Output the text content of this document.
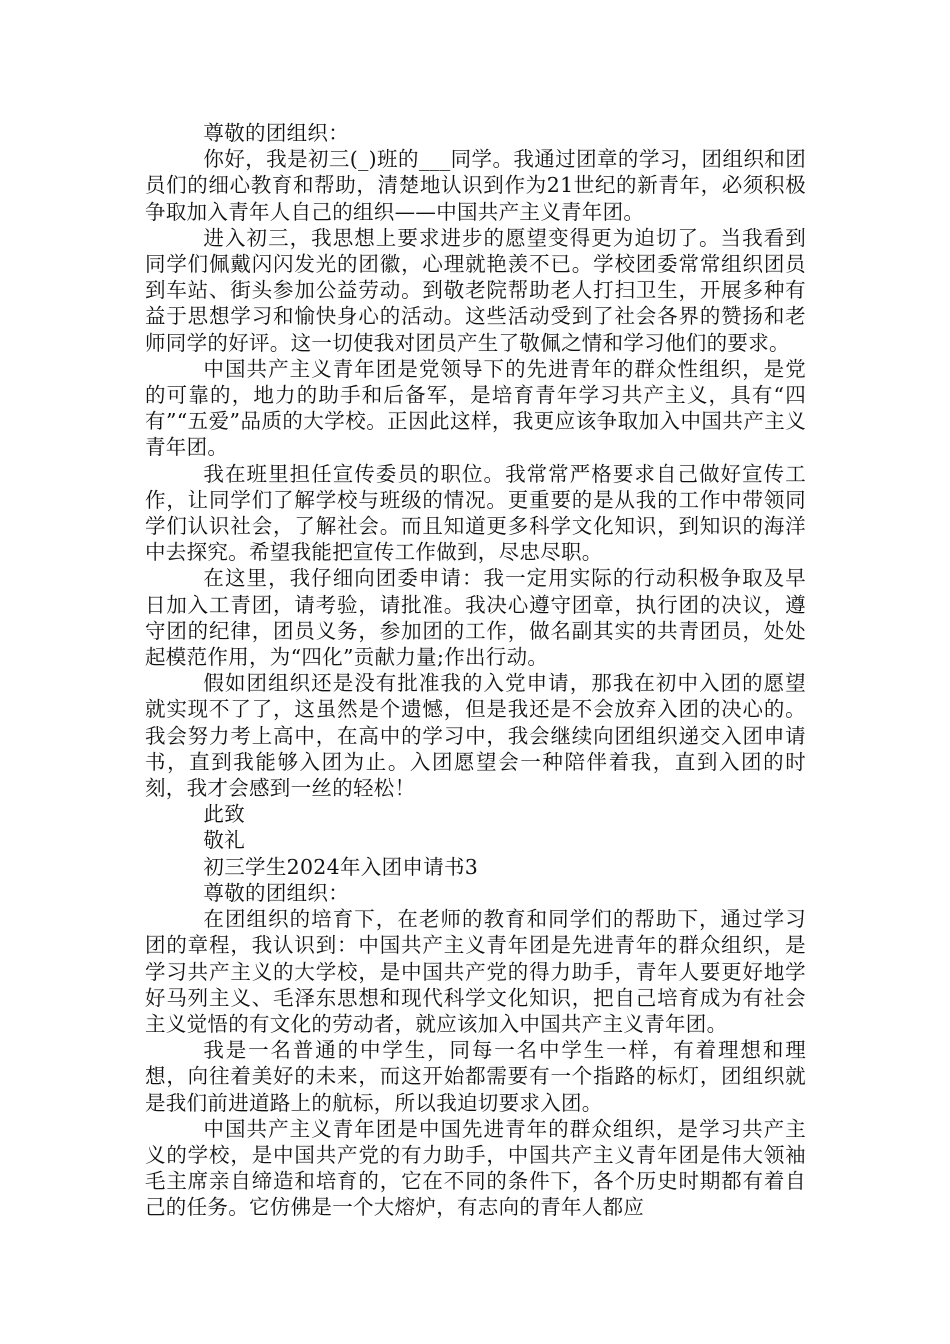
尊敬的团组织：
你好，我是初三(_)班的___同学。我通过团章的学习，团组织和团员们的细心教育和帮助，清楚地认识到作为21世纪的新青年，必须积极争取加入青年人自己的组织——中国共产主义青年团。
进入初三，我思想上要求进步的愿望变得更为迫切了。当我看到同学们佩戴闪闪发光的团徽，心理就艳羡不已。学校团委常常组织团员到车站、街头参加公益劳动。到敬老院帮助老人打扫卫生，开展多种有益于思想学习和愉快身心的活动。这些活动受到了社会各界的赞扬和老师同学的好评。这一切使我对团员产生了敬佩之情和学习他们的要求。
中国共产主义青年团是党领导下的先进青年的群众性组织，是党的可靠的，地力的助手和后备军，是培育青年学习共产主义，具有“四有”“五爱”品质的大学校。正因此这样，我更应该争取加入中国共产主义青年团。
我在班里担任宣传委员的职位。我常常严格要求自己做好宣传工作，让同学们了解学校与班级的情况。更重要的是从我的工作中带领同学们认识社会，了解社会。而且知道更多科学文化知识，到知识的海洋中去探究。希望我能把宣传工作做到，尽忠尽职。
在这里，我仔细向团委申请：我一定用实际的行动积极争取及早日加入工青团，请考验，请批准。我决心遵守团章，执行团的决议，遵守团的纪律，团员义务，参加团的工作，做名副其实的共青团员，处处起模范作用，为“四化”贡献力量;作出行动。
假如团组织还是没有批准我的入党申请，那我在初中入团的愿望就实现不了了，这虽然是个遗憾，但是我还是不会放弃入团的决心的。我会努力考上高中，在高中的学习中，我会继续向团组织递交入团申请书，直到我能够入团为止。入团愿望会一种陪伴着我，直到入团的时刻，我才会感到一丝的轻松！
此致
敬礼
初三学生2024年入团申请书3
尊敬的团组织：
在团组织的培育下，在老师的教育和同学们的帮助下，通过学习团的章程，我认识到：中国共产主义青年团是先进青年的群众组织，是学习共产主义的大学校，是中国共产党的得力助手，青年人要更好地学好马列主义、毛泽东思想和现代科学文化知识，把自己培育成为有社会主义觉悟的有文化的劳动者，就应该加入中国共产主义青年团。
我是一名普通的中学生，同每一名中学生一样，有着理想和理想，向往着美好的未来，而这开始都需要有一个指路的标灯，团组织就是我们前进道路上的航标，所以我迫切要求入团。
中国共产主义青年团是中国先进青年的群众组织，是学习共产主义的学校，是中国共产党的有力助手，中国共产主义青年团是伟大领袖毛主席亲自缔造和培育的，它在不同的条件下，各个历史时期都有着自己的任务。它仿佛是一个大熔炉，有志向的青年人都应
